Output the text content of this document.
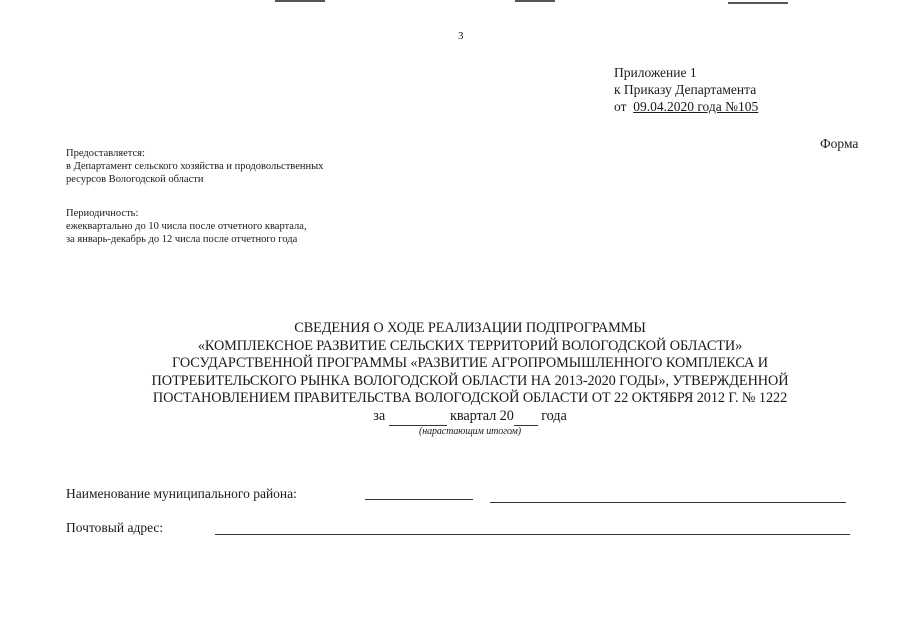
3
Приложение 1
к Приказу Департамента
от 09.04.2020 года №105
Форма
Предоставляется:
в Департамент сельского хозяйства и продовольственных
ресурсов Вологодской области
Периодичность:
ежеквартально до 10 числа после отчетного квартала,
за январь-декабрь до 12 числа после отчетного года
СВЕДЕНИЯ О ХОДЕ РЕАЛИЗАЦИИ ПОДПРОГРАММЫ
«КОМПЛЕКСНОЕ РАЗВИТИЕ СЕЛЬСКИХ ТЕРРИТОРИЙ ВОЛОГОДСКОЙ ОБЛАСТИ»
ГОСУДАРСТВЕННОЙ ПРОГРАММЫ «РАЗВИТИЕ АГРОПРОМЫШЛЕННОГО КОМПЛЕКСА И
ПОТРЕБИТЕЛЬСКОГО РЫНКА ВОЛОГОДСКОЙ ОБЛАСТИ НА 2013-2020 ГОДЫ», УТВЕРЖДЕННОЙ
ПОСТАНОВЛЕНИЕМ ПРАВИТЕЛЬСТВА ВОЛОГОДСКОЙ ОБЛАСТИ ОТ 22 ОКТЯБРЯ 2012 Г. № 1222
за	квартал 20 года
(нарастающим итогом)
Наименование муниципального района:
Почтовый адрес:
